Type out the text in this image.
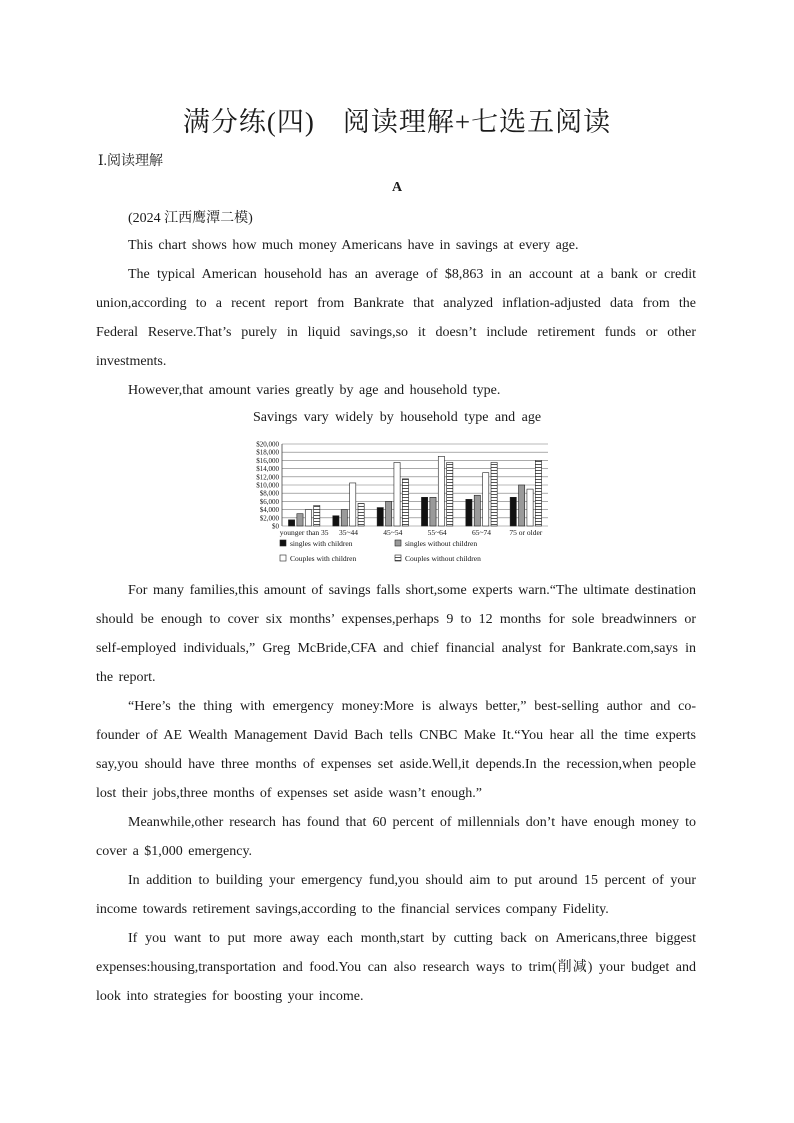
满分练(四)　阅读理解+七选五阅读
Ⅰ.阅读理解
A
(2024 江西鹰潭二模)

This chart shows how much money Americans have in savings at every age.

The typical American household has an average of $8,863 in an account at a bank or credit union,according to a recent report from Bankrate that analyzed inflation-adjusted data from the Federal Reserve.That’s purely in liquid savings,so it doesn’t include retirement funds or other investments.

However,that amount varies greatly by age and household type.

Savings vary widely by household type and age
$0
$2,000
$4,000
$6,000
$8,000
$10,000
$12,000
$14,000
$16,000
$18,000
$20,000
younger than 35 35~44	45~54	55~64	65~74 75 or older
singles with children	singles without children
Couples with children	Couples without children

For many families,this amount of savings falls short,some experts warn.“The ultimate destination should be enough to cover six months’ expenses,perhaps 9 to 12 months for sole breadwinners or self-employed individuals,” Greg McBride,CFA and chief financial analyst for Bankrate.com,says in the report.

“Here’s the thing with emergency money:More is always better,” best-selling author and co-founder of AE Wealth Management David Bach tells CNBC Make It.“You hear all the time experts say,you should have three months of expenses set aside.Well,it depends.In the recession,when people lost their jobs,three months of expenses set aside wasn’t enough.”

Meanwhile,other research has found that 60 percent of millennials don’t have enough money to cover a $1,000 emergency.

In addition to building your emergency fund,you should aim to put around 15 percent of your income towards retirement savings,according to the financial services company Fidelity.

If you want to put more away each month,start by cutting back on Americans,three biggest expenses:housing,transportation and food.You can also research ways to trim(削减) your budget and look into strategies for boosting your income.
